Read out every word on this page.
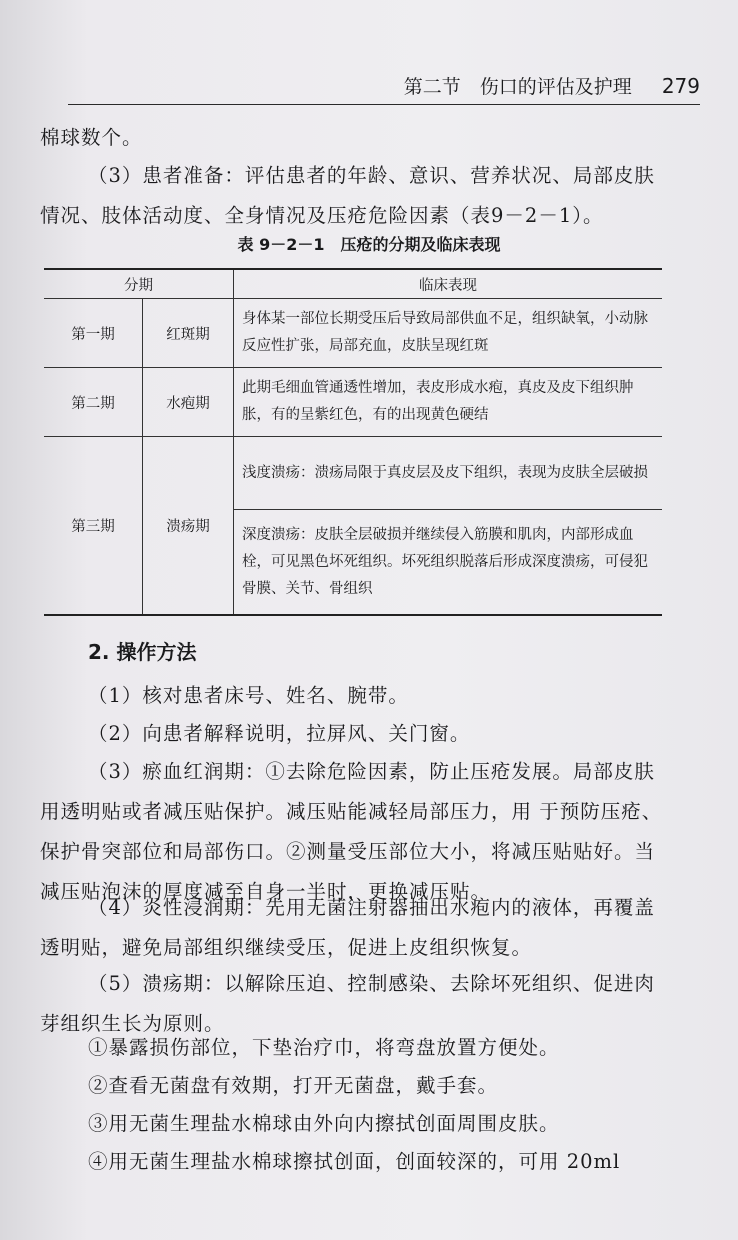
第二节　伤口的评估及护理 279
棉球数个。
（3）患者准备：评估患者的年龄、意识、营养状况、局部皮肤情况、肢体活动度、全身情况及压疮危险因素（表9－2－1）。
表 9－2－1　压疮的分期及临床表现
分期		临床表现
第一期	红斑期	身体某一部位长期受压后导致局部供血不足，组织缺氧，小动脉反应性扩张，局部充血，皮肤呈现红斑
第二期	水疱期	此期毛细血管通透性增加，表皮形成水疱，真皮及皮下组织肿胀，有的呈紫红色，有的出现黄色硬结
第三期	溃疡期	浅度溃疡：溃疡局限于真皮层及皮下组织，表现为皮肤全层破损
		深度溃疡：皮肤全层破损并继续侵入筋膜和肌肉，内部形成血栓，可见黑色坏死组织。坏死组织脱落后形成深度溃疡，可侵犯骨膜、关节、骨组织
2. 操作方法
（1）核对患者床号、姓名、腕带。
（2）向患者解释说明，拉屏风、关门窗。
（3）瘀血红润期：①去除危险因素，防止压疮发展。局部皮肤用透明贴或者减压贴保护。减压贴能减轻局部压力，用 于预防压疮、保护骨突部位和局部伤口。②测量受压部位大小，将减压贴贴好。当减压贴泡沫的厚度减至自身一半时，更换减压贴。
（4）炎性浸润期：先用无菌注射器抽出水疱内的液体，再覆盖透明贴，避免局部组织继续受压，促进上皮组织恢复。
（5）溃疡期：以解除压迫、控制感染、去除坏死组织、促进肉芽组织生长为原则。
①暴露损伤部位，下垫治疗巾，将弯盘放置方便处。
②查看无菌盘有效期，打开无菌盘，戴手套。
③用无菌生理盐水棉球由外向内擦拭创面周围皮肤。
④用无菌生理盐水棉球擦拭创面，创面较深的，可用 20ml
